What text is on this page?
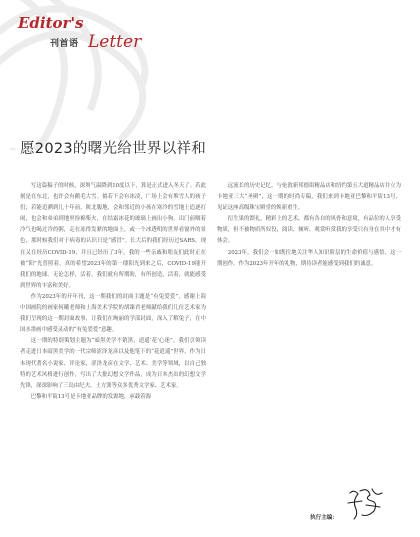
Editor's
刊首语 Letter
愿2023的曙光给世界以祥和

写这篇稿子的时候，深圳气温降到10度以下，算是正式进入冬天了。若此刻是在东北，也许会有鹅毛大雪。倘若下会有冰凌，广场上会有堆雪人的孩子们；若能追溯到几十年前，陕北腹地，会和邻近的小孩在寒冷的雪地上追逐打闹，也会和弟弟到地里捡棉柴火，在结霜冰花的玻璃上画出小狗。出门前咽着冷气也喝过冷的粥，走在冻得发紧的地面上，或一个冰透明的世界看窗外的景色，那时候我们对于病毒的认识只是“感冒”。长大后的我们经历过SARS，现在又在经历COVID-19，并且已经历了3年，我的一些亲戚和朋友们此时正在被“阳”光普照着，真的希望2023年的第一缕阳光到来之后，COVID-19能开我们的地球。无论怎样，活着，我们就有所期盼，有所创造，活着，就能感受到世界的丰富和美好。

作为2023年的开年刊，这一期我们的封面主题是“有兔爱爱”，感谢上海中国画院的画家何曦老师和上海美术学院的胡臻君老师献给我们几位艺术家为我们呈现的这一期封面故事，让我们在绚丽的学部封面，深入了解兔子，在中国水墨画中感受灵动的“有兔爱爱”意趣。

这一期的特别策划主题为“暗黑美学不销黑，逍遥‘花’心迷”，我们引领读者走进日本暗黑美学的一代宗师涩泽龙彦以及他笔下的“花逍遥”世界。作为日本现代著名小说家、评论家，涩泽龙彦在文学、艺术、美学等领域，以自己独特的艺术风格进行创作，写出了大批幻想文学作品，成为日本杰出的幻想文学先锋，深深影响了三岛由纪夫、土方巽等众多优秀文学家、艺术家。

巴黎和平街13号是卡地亚品牌的发源地，承载着源

远流长的历史记忆，与伦敦新邦德街精品店和纽约第五大道精品店并立为卡地亚三大“圣殿”，这一期的时尚专稿，我们来到卡地亚巴黎和平街13号，见证这座高级珠宝殿堂的焕新重生。

衍生果的馈礼，精彩上的艺术，都有各自的风骨和意境，有品位的人享受物质，但不被物质所奴役，阅读、倾听、观赏听赏我的享受只有身在其中才有体会。

2023年，我们会一如既往地关注华人知识阶层的生命价值与感悟，这一期创作，作为2023年开年的礼物，期待读者能感受到我们的诚意。

执行主编：
